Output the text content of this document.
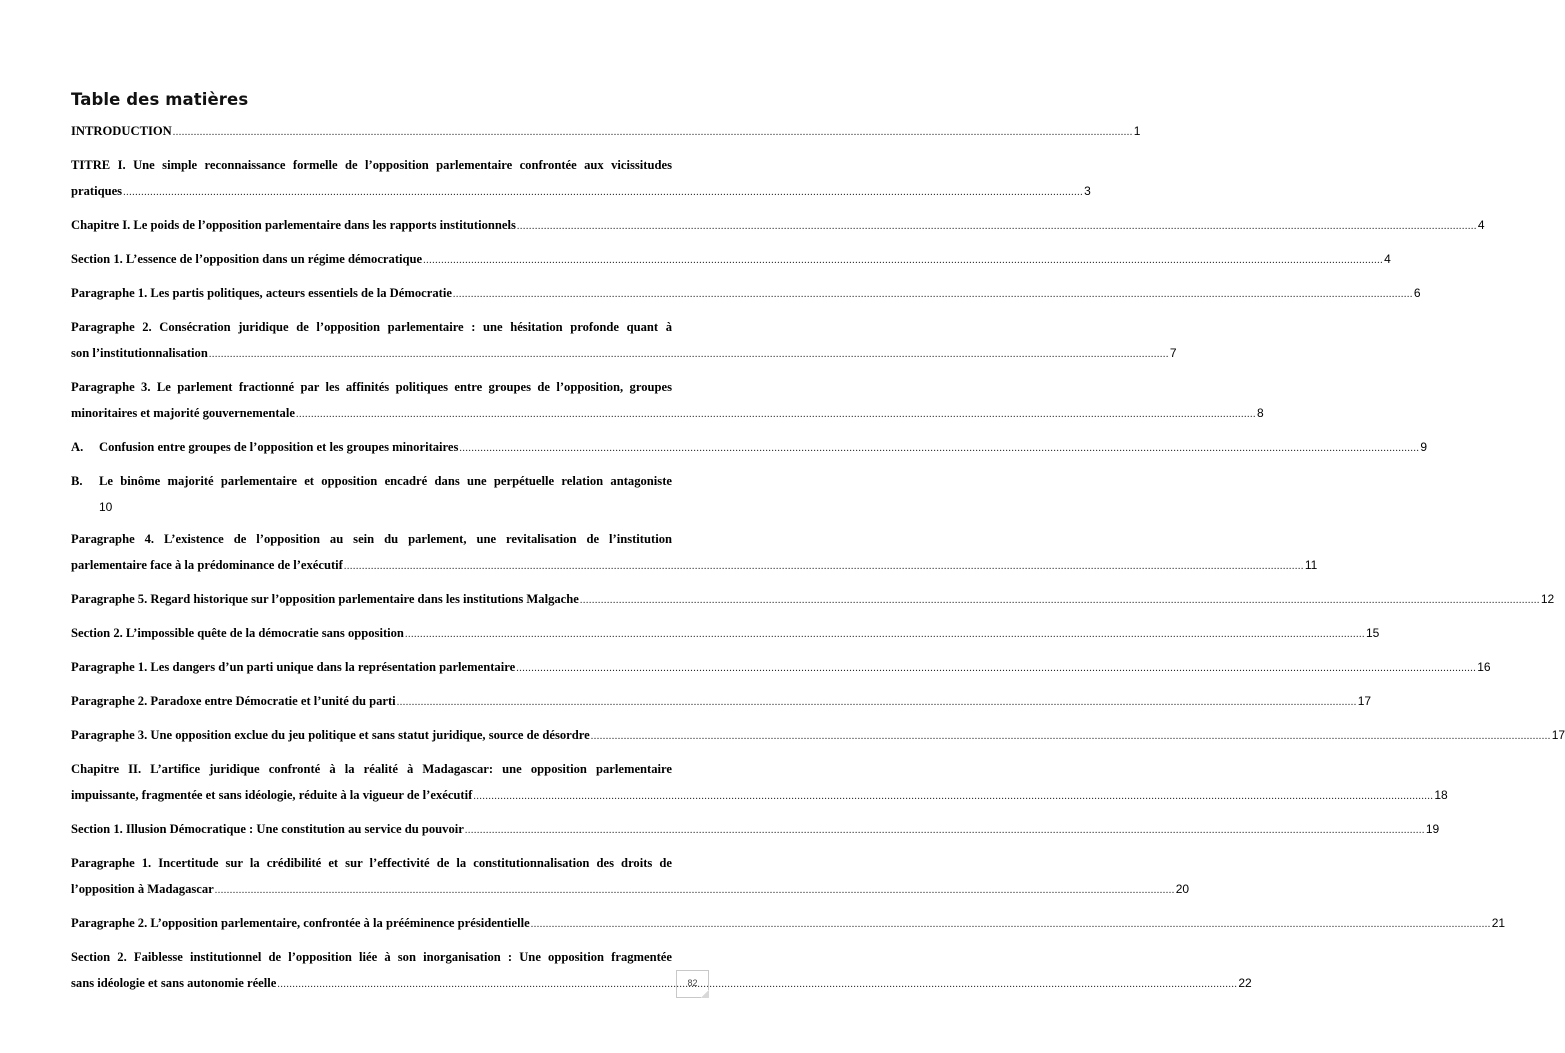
Table des matières
INTRODUCTION .....	1
TITRE I. Une simple reconnaissance formelle de l’opposition parlementaire confrontée aux vicissitudes
pratiques .....	3
Chapitre I. Le poids de l’opposition parlementaire dans les rapports institutionnels .....	4
Section 1. L’essence de l’opposition dans un régime démocratique .....	4
Paragraphe 1. Les partis politiques, acteurs essentiels de la Démocratie .....	6
Paragraphe 2. Consécration juridique de l’opposition parlementaire : une hésitation profonde quant à
son l’institutionnalisation .....	7
Paragraphe 3. Le parlement fractionné par les affinités politiques entre groupes de l’opposition, groupes
minoritaires et majorité gouvernementale .....	8
A.	Confusion entre groupes de l’opposition et les groupes minoritaires .....	9
B.	Le binôme majorité parlementaire et opposition encadré dans une perpétuelle relation antagoniste
10
Paragraphe 4. L’existence de l’opposition au sein du parlement, une revitalisation de l’institution
parlementaire face à la prédominance de l’exécutif .....	11
Paragraphe 5. Regard historique sur l’opposition parlementaire dans les institutions Malgache .....	12
Section 2. L’impossible quête de la démocratie sans opposition .....	15
Paragraphe 1. Les dangers d’un parti unique dans la représentation parlementaire .....	16
Paragraphe 2. Paradoxe entre Démocratie et l’unité du parti .....	17
Paragraphe 3. Une opposition exclue du jeu politique et sans statut juridique, source de désordre .....	17
Chapitre II. L’artifice juridique confronté à la réalité à Madagascar: une opposition parlementaire
impuissante, fragmentée et sans idéologie, réduite à la vigueur de l’exécutif .....	18
Section 1. Illusion Démocratique : Une constitution au service du pouvoir .....	19
Paragraphe 1. Incertitude sur la crédibilité et sur l’effectivité de la constitutionnalisation des droits de
l’opposition à Madagascar .....	20
Paragraphe 2. L’opposition parlementaire, confrontée à la prééminence présidentielle .....	21
Section 2. Faiblesse institutionnel de l’opposition liée à son inorganisation : Une opposition fragmentée
sans idéologie et sans autonomie réelle .....	22
82
